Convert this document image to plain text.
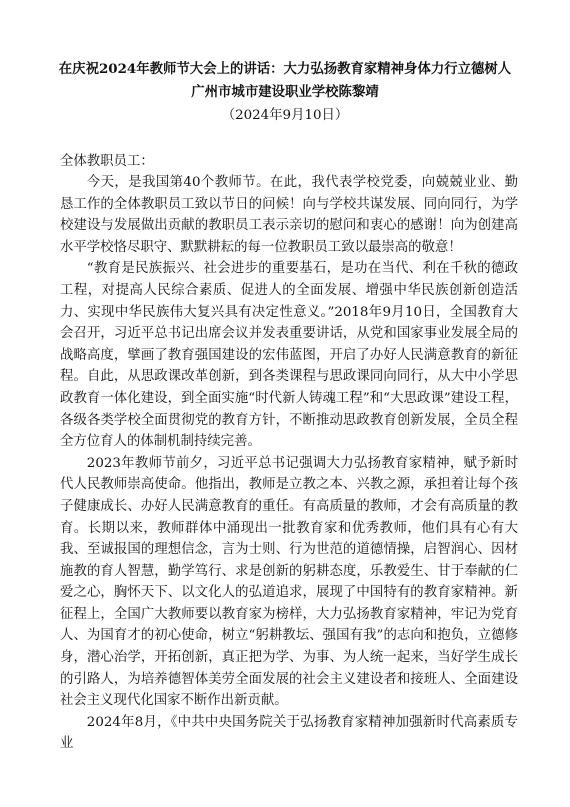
在庆祝2024年教师节大会上的讲话：大力弘扬教育家精神身体力行立德树人
广州市城市建设职业学校陈黎靖
（2024年9月10日）
全体教职员工：

今天，是我国第40个教师节。在此，我代表学校党委，向兢兢业业、勤恳工作的全体教职员工致以节日的问候！向与学校共谋发展、同向同行，为学校建设与发展做出贡献的教职员工表示亲切的慰问和衷心的感谢！向为创建高水平学校恪尽职守、默默耕耘的每一位教职员工致以最崇高的敬意！

“教育是民族振兴、社会进步的重要基石，是功在当代、利在千秋的德政工程，对提高人民综合素质、促进人的全面发展、增强中华民族创新创造活力、实现中华民族伟大复兴具有决定性意义。”2018年9月10日，全国教育大会召开，习近平总书记出席会议并发表重要讲话，从党和国家事业发展全局的战略高度，擘画了教育强国建设的宏伟蓝图，开启了办好人民满意教育的新征程。自此，从思政课改革创新，到各类课程与思政课同向同行，从大中小学思政教育一体化建设，到全面实施“时代新人铸魂工程”和“大思政课”建设工程，各级各类学校全面贯彻党的教育方针，不断推动思政教育创新发展，全员全程全方位育人的体制机制持续完善。

2023年教师节前夕，习近平总书记强调大力弘扬教育家精神，赋予新时代人民教师崇高使命。他指出，教师是立教之本、兴教之源，承担着让每个孩子健康成长、办好人民满意教育的重任。有高质量的教师，才会有高质量的教育。长期以来，教师群体中涌现出一批教育家和优秀教师，他们具有心有大我、至诚报国的理想信念，言为士则、行为世范的道德情操，启智润心、因材施教的育人智慧，勤学笃行、求是创新的躬耕态度，乐教爱生、甘于奉献的仁爱之心，胸怀天下、以文化人的弘道追求，展现了中国特有的教育家精神。新征程上，全国广大教师要以教育家为榜样，大力弘扬教育家精神，牢记为党育人、为国育才的初心使命，树立“躬耕教坛、强国有我”的志向和抱负，立德修身，潜心治学，开拓创新，真正把为学、为事、为人统一起来，当好学生成长的引路人，为培养德智体美劳全面发展的社会主义建设者和接班人、全面建设社会主义现代化国家不断作出新贡献。

2024年8月，《中共中央国务院关于弘扬教育家精神加强新时代高素质专业
